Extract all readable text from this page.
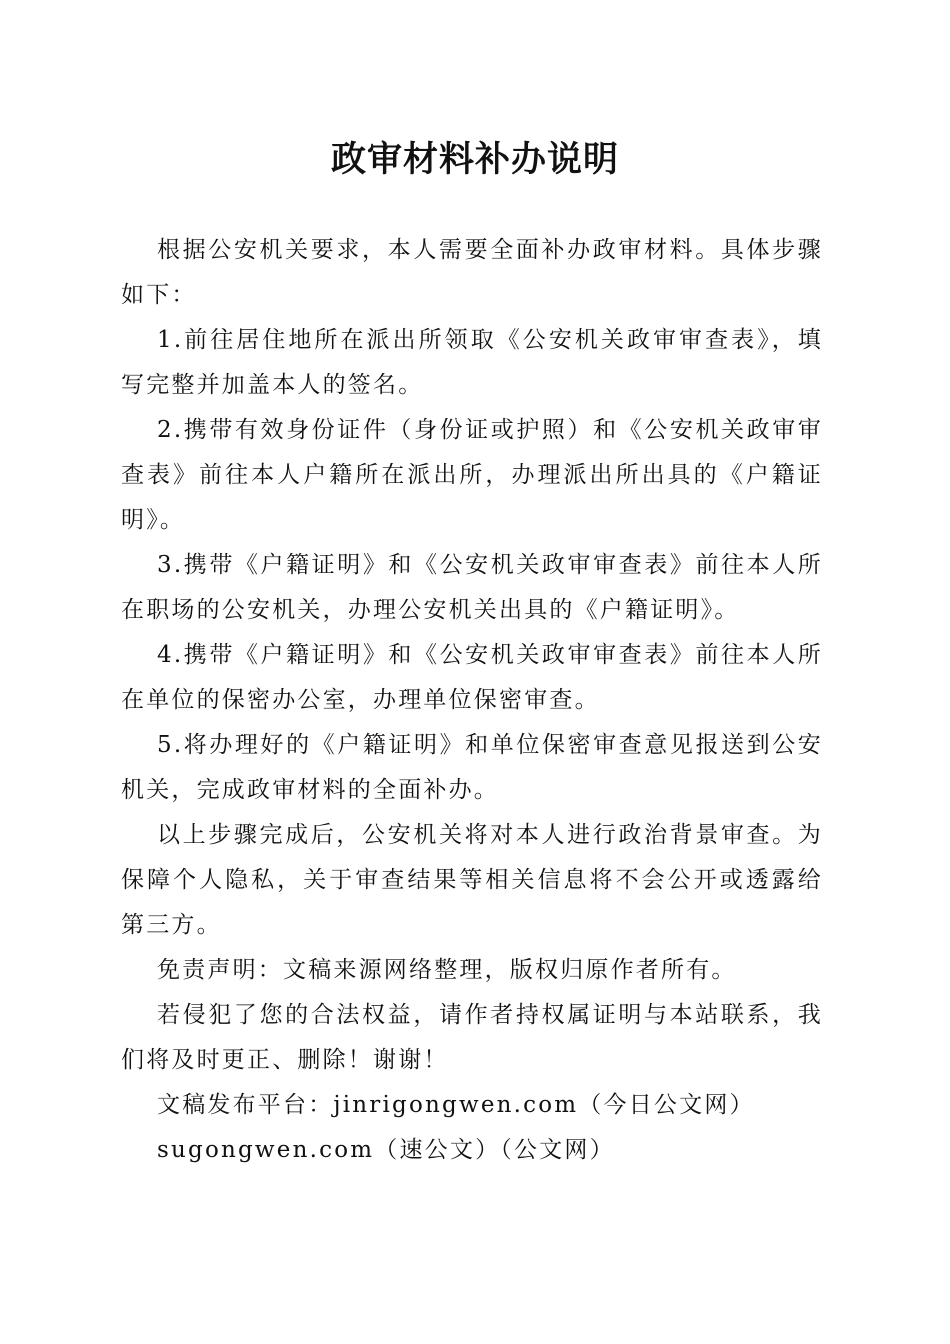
政审材料补办说明

根据公安机关要求，本人需要全面补办政审材料。具体步骤如下：

1.前往居住地所在派出所领取《公安机关政审审查表》，填写完整并加盖本人的签名。

2.携带有效身份证件（身份证或护照）和《公安机关政审审查表》前往本人户籍所在派出所，办理派出所出具的《户籍证明》。

3.携带《户籍证明》和《公安机关政审审查表》前往本人所在职场的公安机关，办理公安机关出具的《户籍证明》。

4.携带《户籍证明》和《公安机关政审审查表》前往本人所在单位的保密办公室，办理单位保密审查。

5.将办理好的《户籍证明》和单位保密审查意见报送到公安机关，完成政审材料的全面补办。

以上步骤完成后，公安机关将对本人进行政治背景审查。为保障个人隐私，关于审查结果等相关信息将不会公开或透露给第三方。

免责声明：文稿来源网络整理，版权归原作者所有。

若侵犯了您的合法权益，请作者持权属证明与本站联系，我们将及时更正、删除！谢谢！

文稿发布平台：jinrigongwen.com（今日公文网）

sugongwen.com（速公文）（公文网）
